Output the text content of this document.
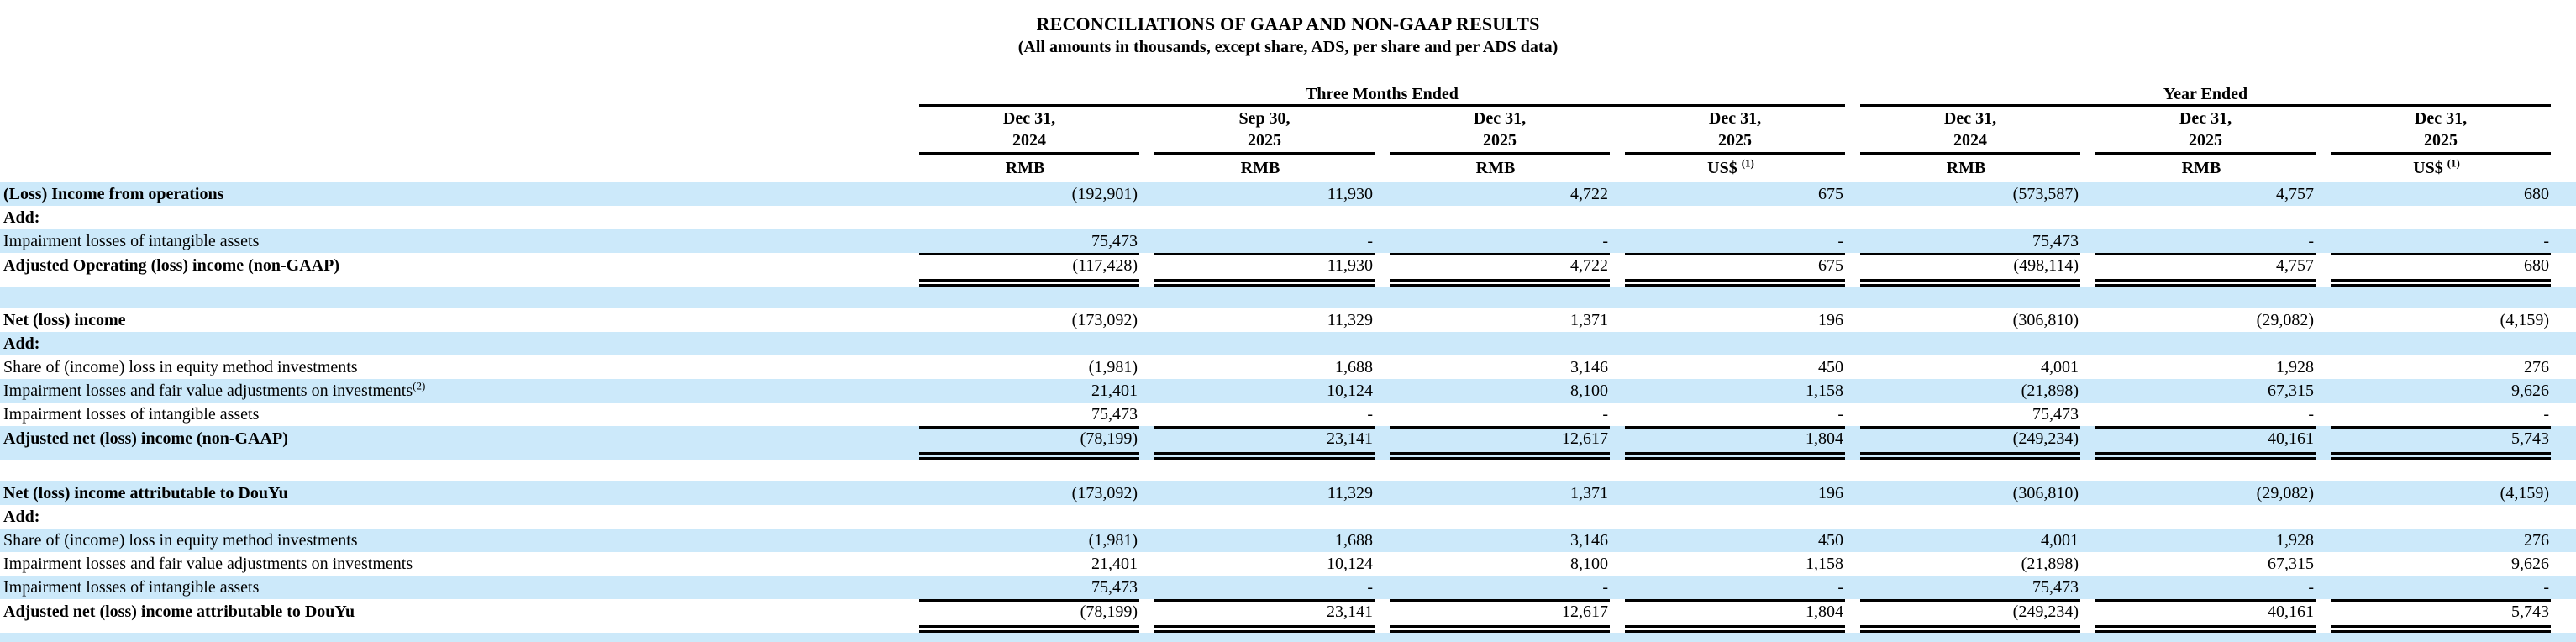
RECONCILIATIONS OF GAAP AND NON-GAAP RESULTS
(All amounts in thousands, except share, ADS, per share and per ADS data)
Three Months Ended	Year Ended
Dec 31,
2024
Sep 30,
2025
Dec 31,
2025
Dec 31,
2025
Dec 31,
2024
Dec 31,
2025
Dec 31,
2025
RMB	RMB	RMB	US$ $^{(1)}$	RMB	RMB	US$ $^{(1)}$
(Loss) Income from operations	(192,901)	11,930	4,722	675	(573,587)	4,757	680
Add:
Impairment losses of intangible assets	75,473	-	-	-	75,473	-	-
Adjusted Operating (loss) income (non-GAAP)	(117,428)	11,930	4,722	675	(498,114)	4,757	680
Net (loss) income	(173,092)	11,329	1,371	196	(306,810)	(29,082)	(4,159)
Add:
Share of (income) loss in equity method investments	(1,981)	1,688	3,146	450	4,001	1,928	276
Impairment losses and fair value adjustments on investments$^{(2)}$	21,401	10,124	8,100	1,158	(21,898)	67,315	9,626
Impairment losses of intangible assets	75,473	-	-	-	75,473	-	-
Adjusted net (loss) income (non-GAAP)	(78,199)	23,141	12,617	1,804	(249,234)	40,161	5,743
Net (loss) income attributable to DouYu	(173,092)	11,329	1,371	196	(306,810)	(29,082)	(4,159)
Add:
Share of (income) loss in equity method investments	(1,981)	1,688	3,146	450	4,001	1,928	276
Impairment losses and fair value adjustments on investments	21,401	10,124	8,100	1,158	(21,898)	67,315	9,626
Impairment losses of intangible assets	75,473	-	-	-	75,473	-	-
Adjusted net (loss) income attributable to DouYu	(78,199)	23,141	12,617	1,804	(249,234)	40,161	5,743
